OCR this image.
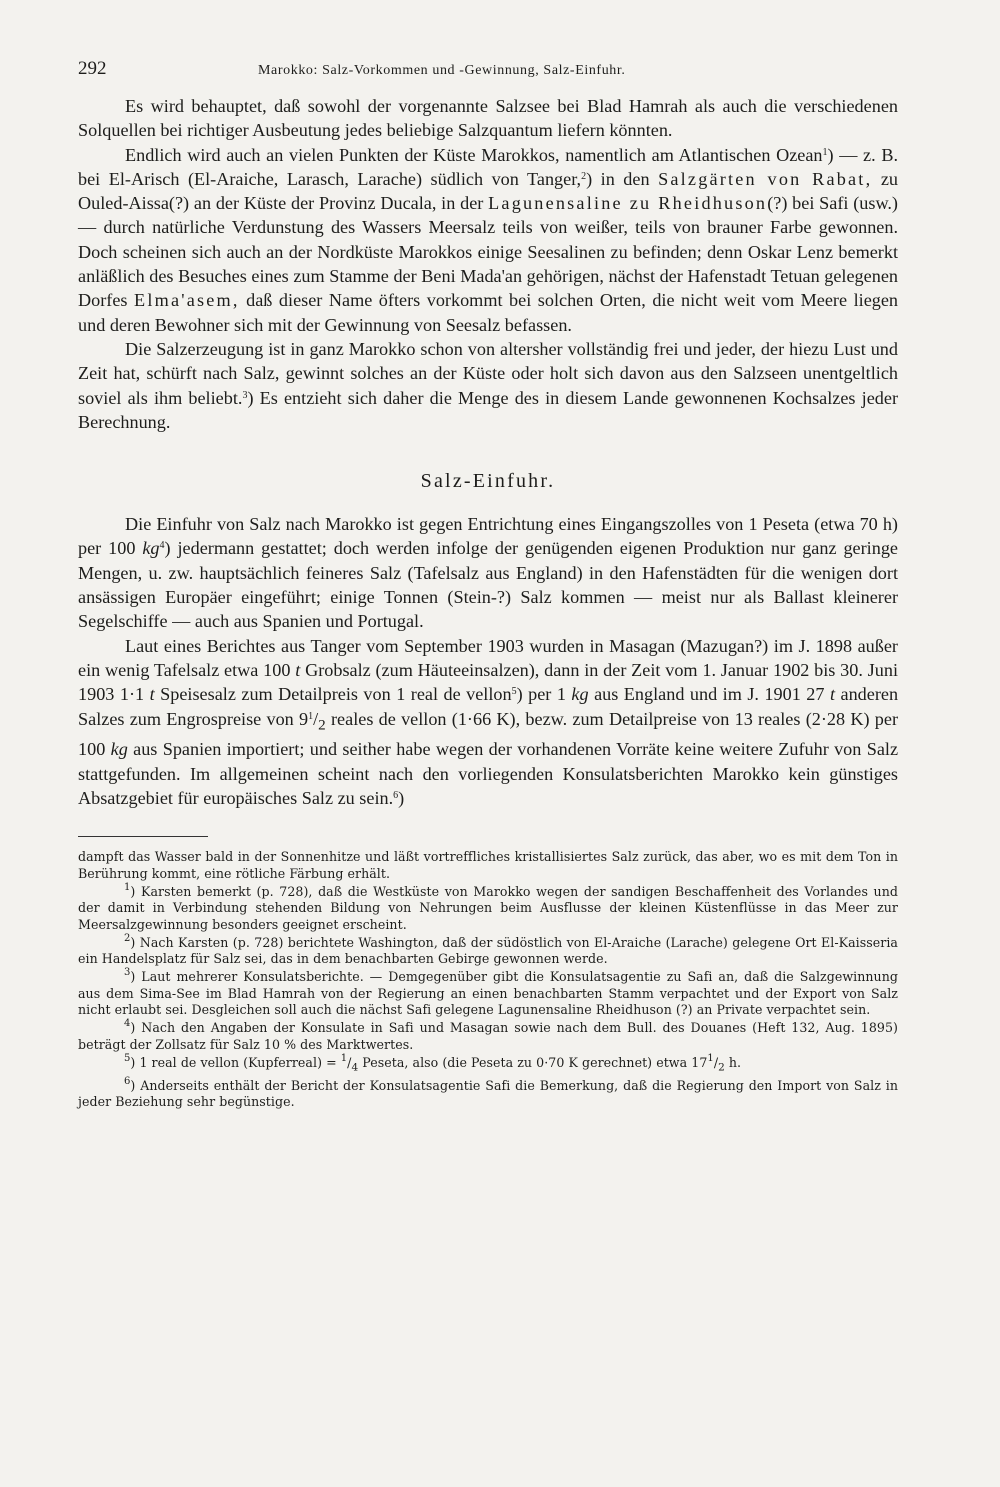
292	Marokko: Salz-Vorkommen und -Gewinnung, Salz-Einfuhr.

Es wird behauptet, daß sowohl der vorgenannte Salzsee bei Blad Hamrah als auch die verschiedenen Solquellen bei richtiger Ausbeutung jedes beliebige Salzquantum liefern könnten.

Endlich wird auch an vielen Punkten der Küste Marokkos, namentlich am Atlantischen Ozean$^1$) — z. B. bei El-Arisch (El-Araiche, Larasch, Larache) südlich von Tanger,$^2$) in den Salzgärten von Rabat, zu Ouled-Aissa(?) an der Küste der Provinz Ducala, in der Lagunensaline zu Rheidhuson(?) bei Safi (usw.) — durch natürliche Verdunstung des Wassers Meersalz teils von weißer, teils von brauner Farbe gewonnen. Doch scheinen sich auch an der Nordküste Marokkos einige Seesalinen zu befinden; denn Oskar Lenz bemerkt anläßlich des Besuches eines zum Stamme der Beni Mada'an gehörigen, nächst der Hafenstadt Tetuan gelegenen Dorfes Elma'asem, daß dieser Name öfters vorkommt bei solchen Orten, die nicht weit vom Meere liegen und deren Bewohner sich mit der Gewinnung von Seesalz befassen.

Die Salzerzeugung ist in ganz Marokko schon von altersher vollständig frei und jeder, der hiezu Lust und Zeit hat, schürft nach Salz, gewinnt solches an der Küste oder holt sich davon aus den Salzseen unentgeltlich soviel als ihm beliebt.$^3$) Es entzieht sich daher die Menge des in diesem Lande gewonnenen Kochsalzes jeder Berechnung.

Salz-Einfuhr.

Die Einfuhr von Salz nach Marokko ist gegen Entrichtung eines Eingangszolles von 1 Peseta (etwa 70 h) per 100 $kg^4$) jedermann gestattet; doch werden infolge der genügenden eigenen Produktion nur ganz geringe Mengen, u. zw. hauptsächlich feineres Salz (Tafelsalz aus England) in den Hafenstädten für die wenigen dort ansässigen Europäer eingeführt; einige Tonnen (Stein-?) Salz kommen — meist nur als Ballast kleinerer Segelschiffe — auch aus Spanien und Portugal.

Laut eines Berichtes aus Tanger vom September 1903 wurden in Masagan (Mazugan?) im J. 1898 außer ein wenig Tafelsalz etwa 100 t Grobsalz (zum Häuteeinsalzen), dann in der Zeit vom 1. Januar 1902 bis 30. Juni 1903 1·1 t Speisesalz zum Detailpreis von 1 real de vellon$^5$) per 1 kg aus England und im J. 1901 27 t anderen Salzes zum Engrospreise von $9^1/_2$ reales de vellon (1·66 K), bezw. zum Detailpreise von 13 reales (2·28 K) per 100 kg aus Spanien importiert; und seither habe wegen der vorhandenen Vorräte keine weitere Zufuhr von Salz stattgefunden. Im allgemeinen scheint nach den vorliegenden Konsulatsberichten Marokko kein günstiges Absatzgebiet für europäisches Salz zu sein.$^6$)

dampft das Wasser bald in der Sonnenhitze und läßt vortreffliches kristallisiertes Salz zurück, das aber, wo es mit dem Ton in Berührung kommt, eine rötliche Färbung erhält.

$^1$) Karsten bemerkt (p. 728), daß die Westküste von Marokko wegen der sandigen Beschaffenheit des Vorlandes und der damit in Verbindung stehenden Bildung von Nehrungen beim Ausflusse der kleinen Küstenflüsse in das Meer zur Meersalzgewinnung besonders geeignet erscheint.

$^2$) Nach Karsten (p. 728) berichtete Washington, daß der südöstlich von El-Araiche (Larache) gelegene Ort El-Kaisseria ein Handelsplatz für Salz sei, das in dem benachbarten Gebirge gewonnen werde.

$^3$) Laut mehrerer Konsulatsberichte. — Demgegenüber gibt die Konsulatsagentie zu Safi an, daß die Salzgewinnung aus dem Sima-See im Blad Hamrah von der Regierung an einen benachbarten Stamm verpachtet und der Export von Salz nicht erlaubt sei. Desgleichen soll auch die nächst Safi gelegene Lagunensaline Rheidhuson (?) an Private verpachtet sein.

$^4$) Nach den Angaben der Konsulate in Safi und Masagan sowie nach dem Bull. des Douanes (Heft 132, Aug. 1895) beträgt der Zollsatz für Salz 10 % des Marktwertes.

$^5$) 1 real de vellon (Kupferreal) = $^1/_4$ Peseta, also (die Peseta zu 0·70 K gerechnet) etwa $17^1/_2$ h.

$^6$) Anderseits enthält der Bericht der Konsulatsagentie Safi die Bemerkung, daß die Regierung den Import von Salz in jeder Beziehung sehr begünstige.
